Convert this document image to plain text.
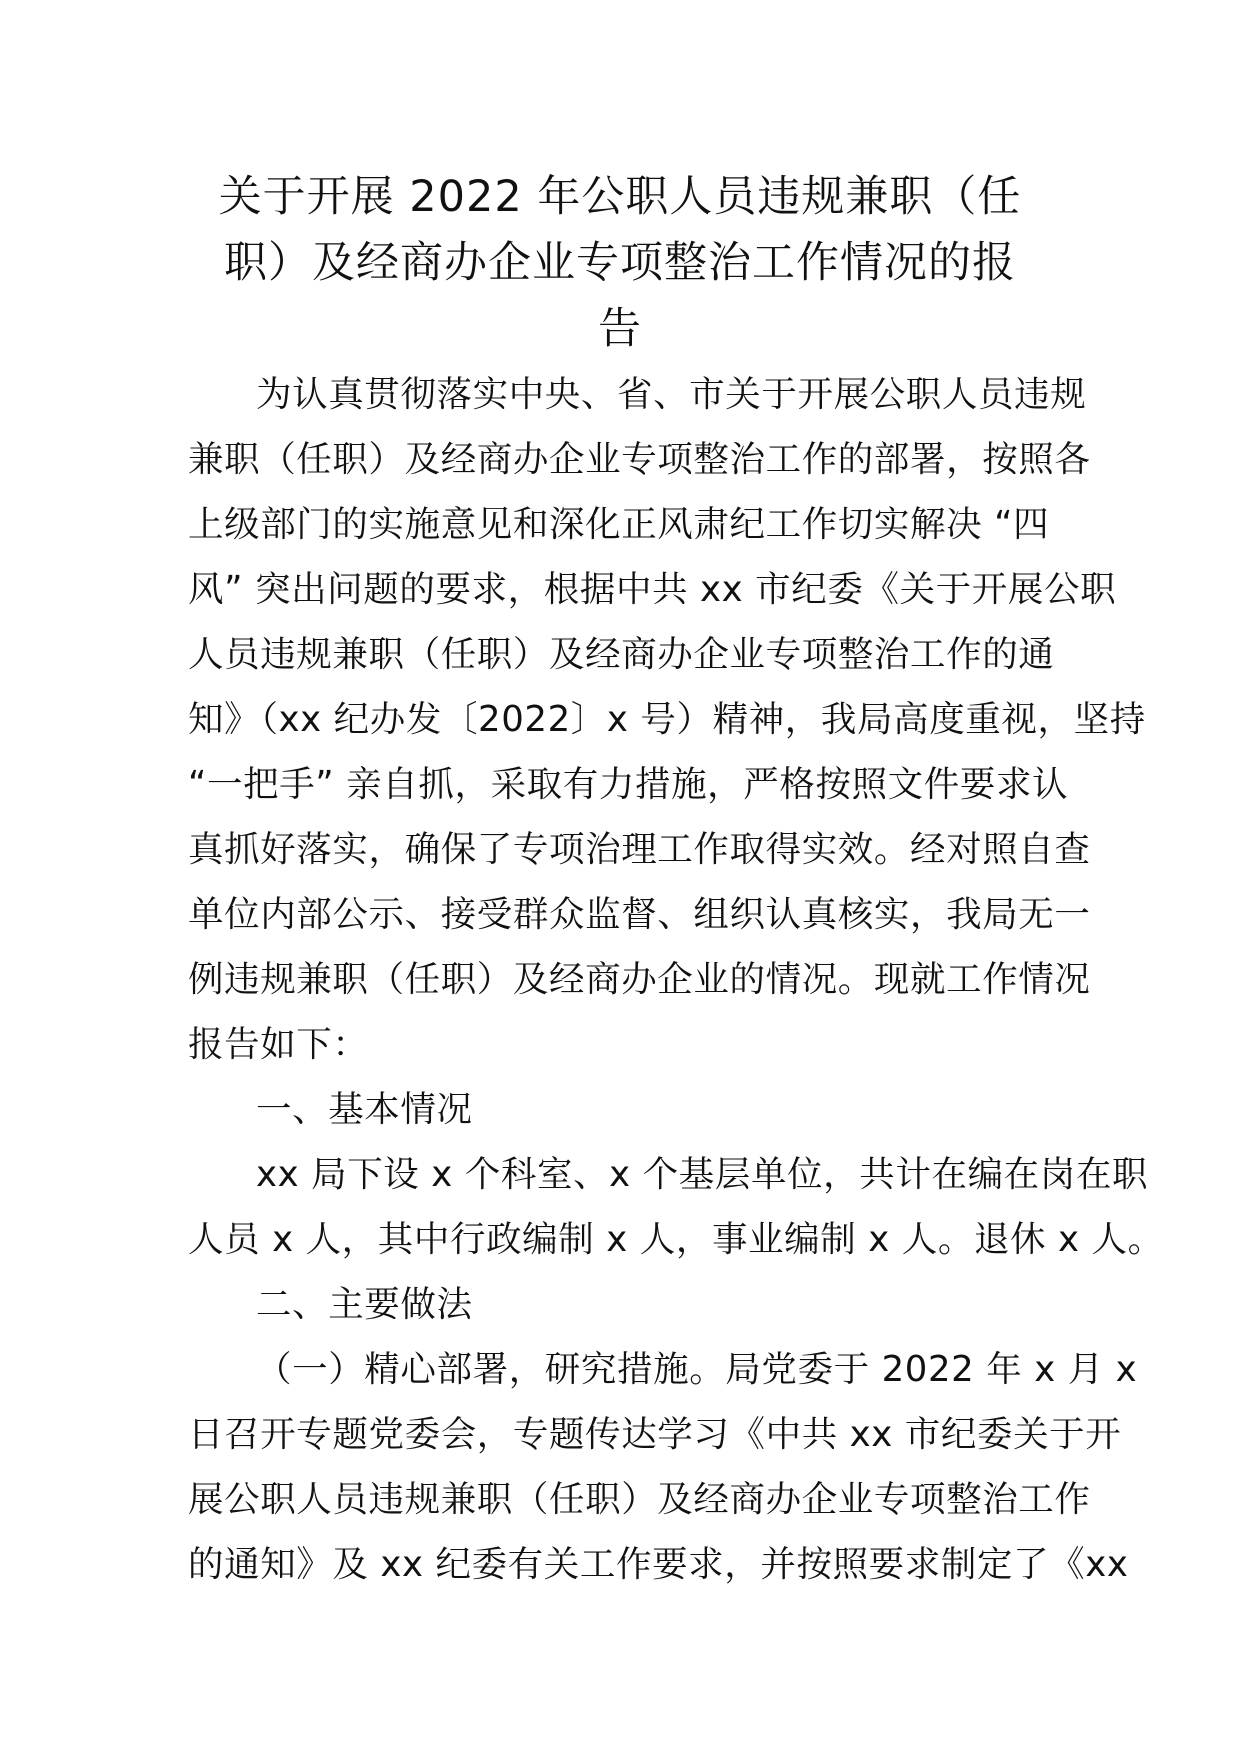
关于开展 2022 年公职人员违规兼职（任
职）及经商办企业专项整治工作情况的报
告
为认真贯彻落实中央、省、市关于开展公职人员违规
兼职（任职）及经商办企业专项整治工作的部署，按照各
上级部门的实施意见和深化正风肃纪工作切实解决 “四
风” 突出问题的要求，根据中共 xx 市纪委《关于开展公职
人员违规兼职（任职）及经商办企业专项整治工作的通
知》（xx 纪办发〔2022〕x 号）精神，我局高度重视，坚持
“一把手” 亲自抓，采取有力措施，严格按照文件要求认
真抓好落实，确保了专项治理工作取得实效。经对照自查
单位内部公示、接受群众监督、组织认真核实，我局无一
例违规兼职（任职）及经商办企业的情况。现就工作情况
报告如下：
一、基本情况
xx 局下设 x 个科室、x 个基层单位，共计在编在岗在职
人员 x 人，其中行政编制 x 人，事业编制 x 人。退休 x 人。
二、主要做法
（一）精心部署，研究措施。局党委于 2022 年 x 月 x
日召开专题党委会，专题传达学习《中共 xx 市纪委关于开
展公职人员违规兼职（任职）及经商办企业专项整治工作
的通知》及 xx 纪委有关工作要求，并按照要求制定了《xx
